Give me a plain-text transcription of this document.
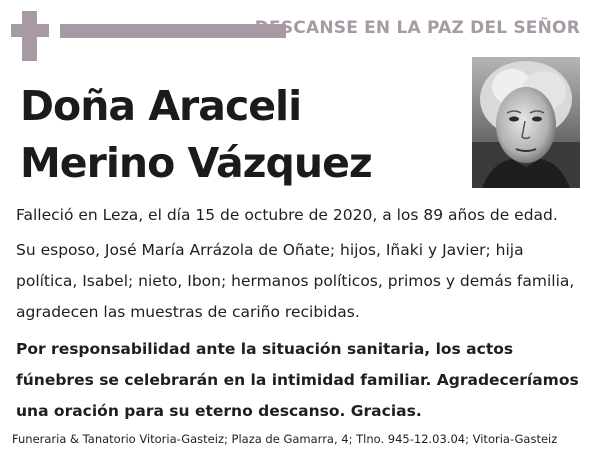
DESCANSE EN LA PAZ DEL SEÑOR
Doña Araceli
Merino Vázquez
Falleció en Leza, el día 15 de octubre de 2020, a los 89 años de edad.
Su esposo, José María Arrázola de Oñate; hijos, Iñaki y Javier; hija política, Isabel; nieto, Ibon; hermanos políticos, primos y demás familia, agradecen las muestras de cariño recibidas.
Por responsabilidad ante la situación sanitaria, los actos fúnebres se celebrarán en la intimidad familiar. Agradeceríamos una oración para su eterno descanso. Gracias.
Funeraria & Tanatorio Vitoria-Gasteiz; Plaza de Gamarra, 4; Tlno. 945-12.03.04; Vitoria-Gasteiz
